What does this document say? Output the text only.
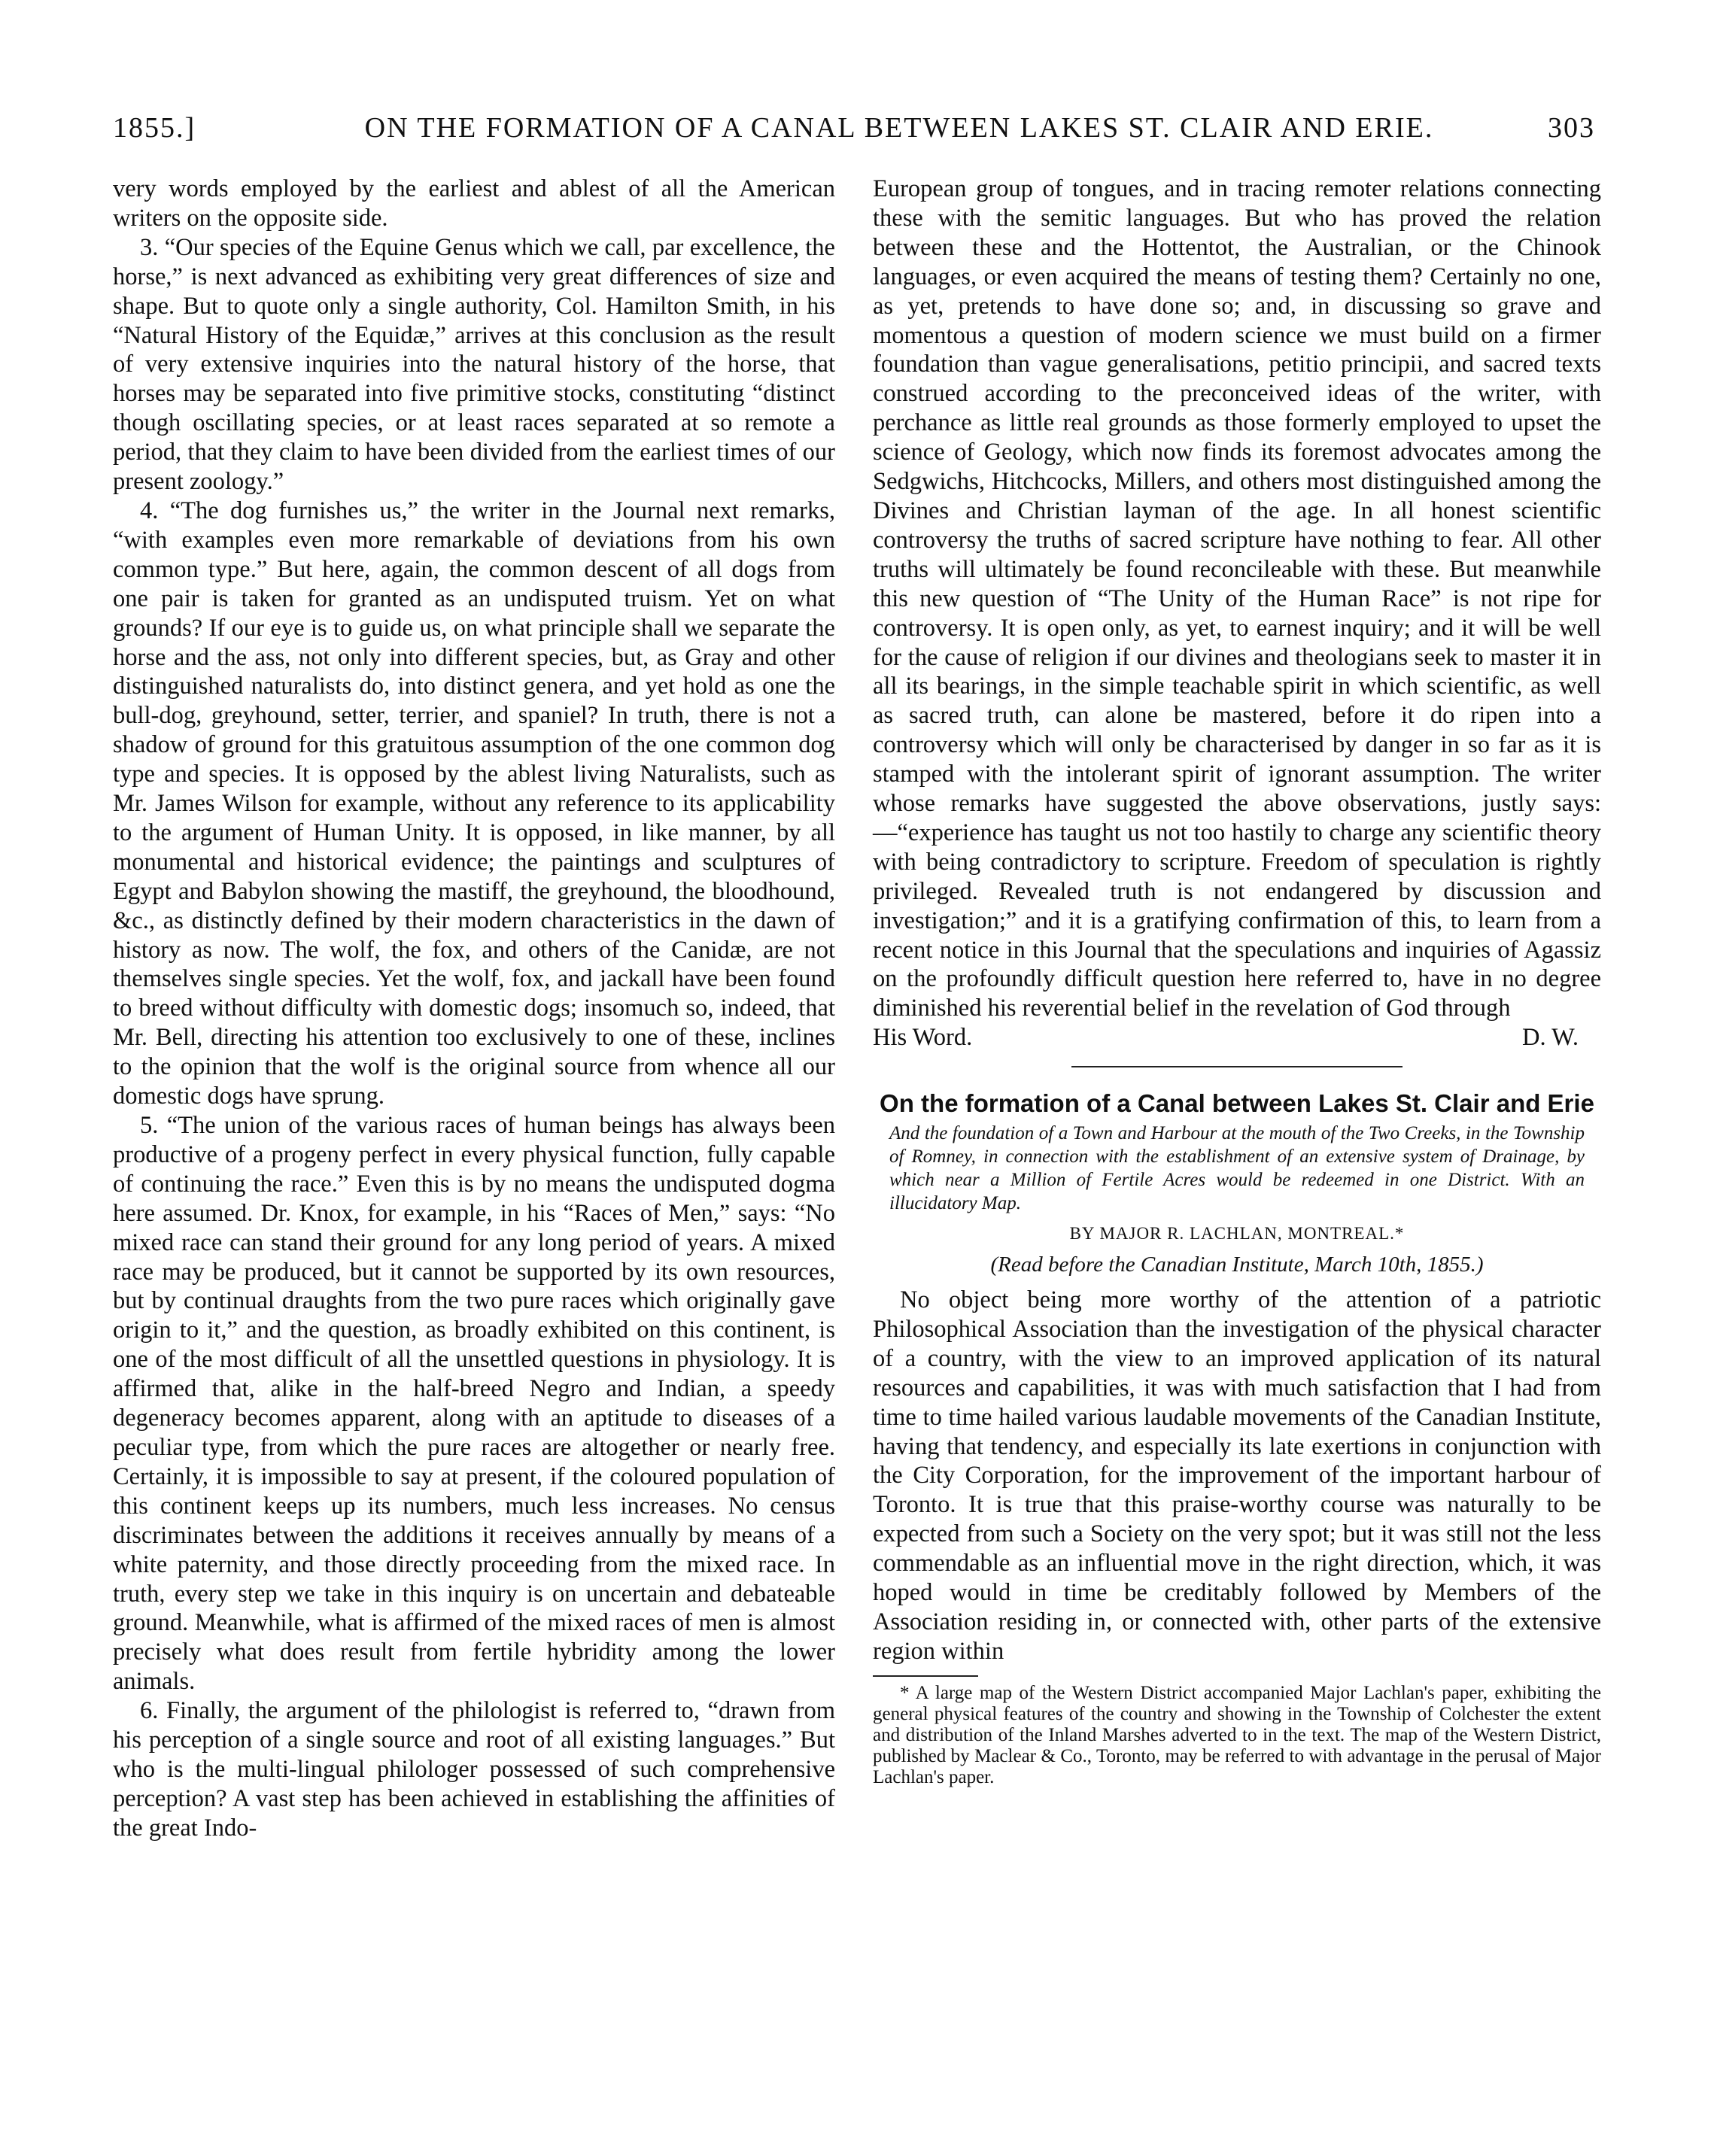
1855.]	ON THE FORMATION OF A CANAL BETWEEN LAKES ST. CLAIR AND ERIE.	303

very words employed by the earliest and ablest of all the American writers on the opposite side.

3. “Our species of the Equine Genus which we call, par excellence, the horse,” is next advanced as exhibiting very great differences of size and shape. But to quote only a single authority, Col. Hamilton Smith, in his “Natural History of the Equidæ,” arrives at this conclusion as the result of very extensive inquiries into the natural history of the horse, that horses may be separated into five primitive stocks, constituting “distinct though oscillating species, or at least races separated at so remote a period, that they claim to have been divided from the earliest times of our present zoology.”

4. “The dog furnishes us,” the writer in the Journal next remarks, “with examples even more remarkable of deviations from his own common type.” But here, again, the common descent of all dogs from one pair is taken for granted as an undisputed truism. Yet on what grounds? If our eye is to guide us, on what principle shall we separate the horse and the ass, not only into different species, but, as Gray and other distinguished naturalists do, into distinct genera, and yet hold as one the bull-dog, greyhound, setter, terrier, and spaniel? In truth, there is not a shadow of ground for this gratuitous assumption of the one common dog type and species. It is opposed by the ablest living Naturalists, such as Mr. James Wilson for example, without any reference to its applicability to the argument of Human Unity. It is opposed, in like manner, by all monumental and historical evidence; the paintings and sculptures of Egypt and Babylon showing the mastiff, the greyhound, the bloodhound, &c., as distinctly defined by their modern characteristics in the dawn of history as now. The wolf, the fox, and others of the Canidæ, are not themselves single species. Yet the wolf, fox, and jackall have been found to breed without difficulty with domestic dogs; insomuch so, indeed, that Mr. Bell, directing his attention too exclusively to one of these, inclines to the opinion that the wolf is the original source from whence all our domestic dogs have sprung.

5. “The union of the various races of human beings has always been productive of a progeny perfect in every physical function, fully capable of continuing the race.” Even this is by no means the undisputed dogma here assumed. Dr. Knox, for example, in his “Races of Men,” says: “No mixed race can stand their ground for any long period of years. A mixed race may be produced, but it cannot be supported by its own resources, but by continual draughts from the two pure races which originally gave origin to it,” and the question, as broadly exhibited on this continent, is one of the most difficult of all the unsettled questions in physiology. It is affirmed that, alike in the half-breed Negro and Indian, a speedy degeneracy becomes apparent, along with an aptitude to diseases of a peculiar type, from which the pure races are altogether or nearly free. Certainly, it is impossible to say at present, if the coloured population of this continent keeps up its numbers, much less increases. No census discriminates between the additions it receives annually by means of a white paternity, and those directly proceeding from the mixed race. In truth, every step we take in this inquiry is on uncertain and debateable ground. Meanwhile, what is affirmed of the mixed races of men is almost precisely what does result from fertile hybridity among the lower animals.

6. Finally, the argument of the philologist is referred to, “drawn from his perception of a single source and root of all existing languages.” But who is the multi-lingual philologer possessed of such comprehensive perception? A vast step has been achieved in establishing the affinities of the great Indo-

European group of tongues, and in tracing remoter relations connecting these with the semitic languages. But who has proved the relation between these and the Hottentot, the Australian, or the Chinook languages, or even acquired the means of testing them? Certainly no one, as yet, pretends to have done so; and, in discussing so grave and momentous a question of modern science we must build on a firmer foundation than vague generalisations, petitio principii, and sacred texts construed according to the preconceived ideas of the writer, with perchance as little real grounds as those formerly employed to upset the science of Geology, which now finds its foremost advocates among the Sedgwichs, Hitchcocks, Millers, and others most distinguished among the Divines and Christian layman of the age. In all honest scientific controversy the truths of sacred scripture have nothing to fear. All other truths will ultimately be found reconcileable with these. But meanwhile this new question of “The Unity of the Human Race” is not ripe for controversy. It is open only, as yet, to earnest inquiry; and it will be well for the cause of religion if our divines and theologians seek to master it in all its bearings, in the simple teachable spirit in which scientific, as well as sacred truth, can alone be mastered, before it do ripen into a controversy which will only be characterised by danger in so far as it is stamped with the intolerant spirit of ignorant assumption. The writer whose remarks have suggested the above observations, justly says:—“experience has taught us not too hastily to charge any scientific theory with being contradictory to scripture. Freedom of speculation is rightly privileged. Revealed truth is not endangered by discussion and investigation;” and it is a gratifying confirmation of this, to learn from a recent notice in this Journal that the speculations and inquiries of Agassiz on the profoundly difficult question here referred to, have in no degree diminished his reverential belief in the revelation of God through

His Word.	D. W.
On the formation of a Canal between Lakes St. Clair and Erie
And the foundation of a Town and Harbour at the mouth of the Two Creeks, in the Township of Romney, in connection with the establishment of an extensive system of Drainage, by which near a Million of Fertile Acres would be redeemed in one District. With an illucidatory Map.
BY MAJOR R. LACHLAN, MONTREAL.*
(Read before the Canadian Institute, March 10th, 1855.)

No object being more worthy of the attention of a patriotic Philosophical Association than the investigation of the physical character of a country, with the view to an improved application of its natural resources and capabilities, it was with much satisfaction that I had from time to time hailed various laudable movements of the Canadian Institute, having that tendency, and especially its late exertions in conjunction with the City Corporation, for the improvement of the important harbour of Toronto. It is true that this praise-worthy course was naturally to be expected from such a Society on the very spot; but it was still not the less commendable as an influential move in the right direction, which, it was hoped would in time be creditably followed by Members of the Association residing in, or connected with, other parts of the extensive region within

* A large map of the Western District accompanied Major Lachlan's paper, exhibiting the general physical features of the country and showing in the Township of Colchester the extent and distribution of the Inland Marshes adverted to in the text. The map of the Western District, published by Maclear & Co., Toronto, may be referred to with advantage in the perusal of Major Lachlan's paper.
